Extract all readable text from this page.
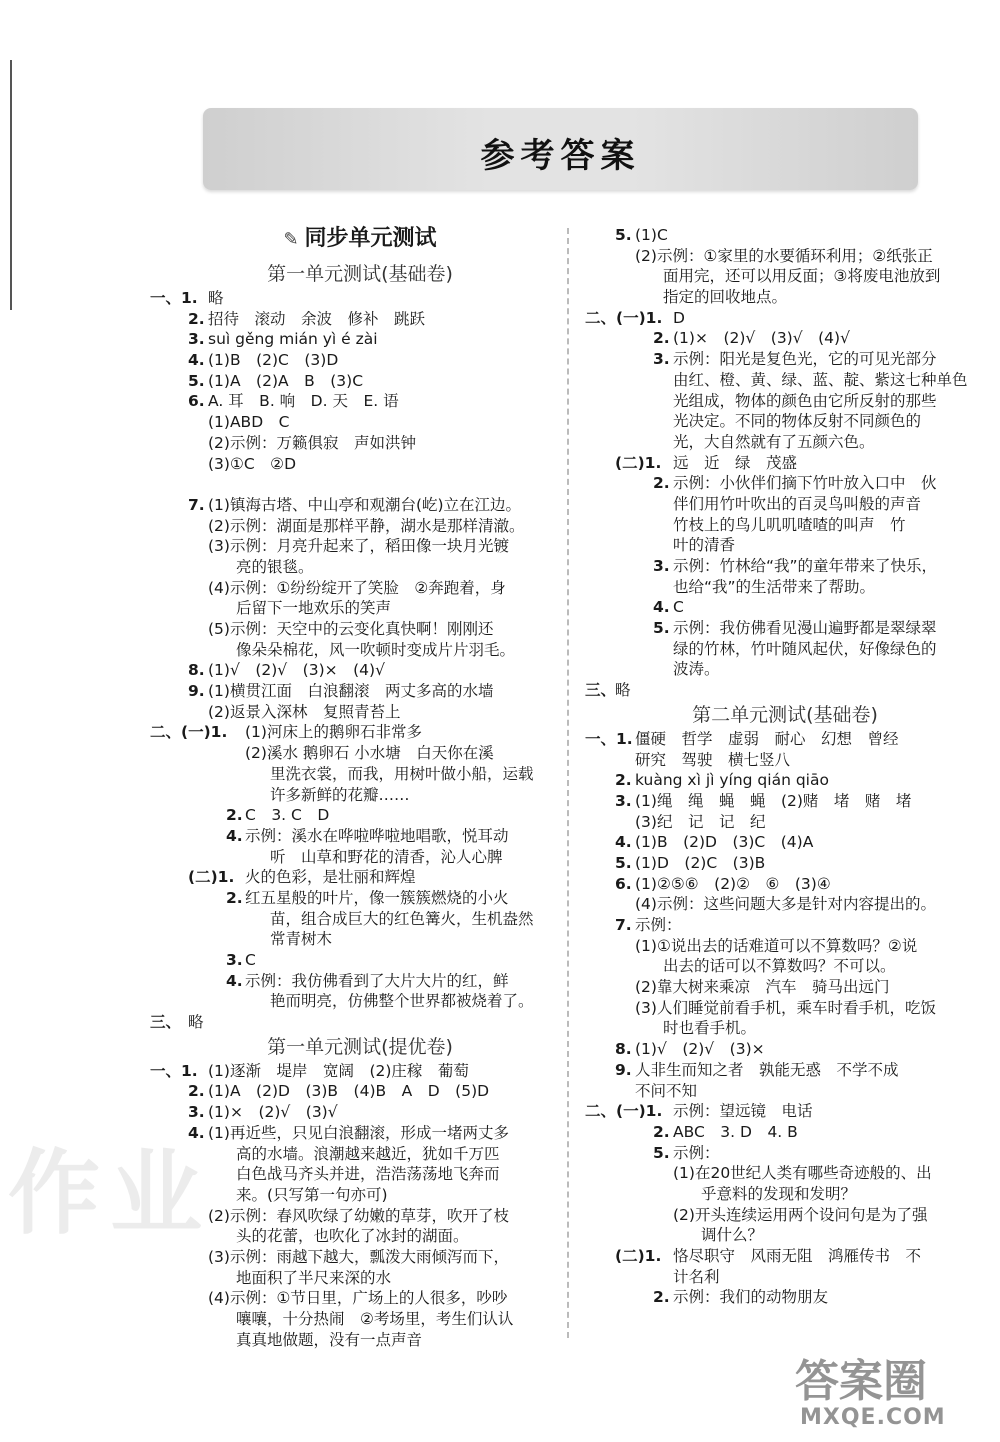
参考答案
✎ 同步单元测试
第一单元测试(基础卷)
一、1. 略
2. 招待　滚动　余波　修补　跳跃
3. suì gěng mián yì é zài
4. (1)B　(2)C　(3)D
5. (1)A　(2)A　B　(3)C
6. A. 耳　B. 响　D. 天　E. 语
(1)ABD　C
(2)示例：万籁俱寂　声如洪钟
(3)①C　②D
7. (1)镇海古塔、中山亭和观潮台(屹)立在江边。
(2)示例：湖面是那样平静，湖水是那样清澈。
(3)示例：月亮升起来了，稻田像一块月光镀
亮的银毯。
(4)示例：①纷纷绽开了笑脸　②奔跑着，身
后留下一地欢乐的笑声
(5)示例：天空中的云变化真快啊！刚刚还
像朵朵棉花，风一吹顿时变成片片羽毛。
8. (1)√　(2)√　(3)×　(4)√
9. (1)横贯江面　白浪翻滚　两丈多高的水墙
(2)返景入深林　复照青苔上
二、(一)1. (1)河床上的鹅卵石非常多
(2)溪水 鹅卵石 小水塘　白天你在溪
里洗衣裳，而我，用树叶做小船，运载
许多新鲜的花瓣……
2. C　3. C　D
4. 示例：溪水在哗啦哗啦地唱歌，悦耳动
听　山草和野花的清香，沁人心脾
(二)1. 火的色彩，是壮丽和辉煌
2. 红五星般的叶片，像一簇簇燃烧的小火
苗，组合成巨大的红色篝火，生机盎然
常青树木
3. C
4. 示例：我仿佛看到了大片大片的红，鲜
艳而明亮，仿佛整个世界都被烧着了。
三、 略
第一单元测试(提优卷)
一、1. (1)逐渐　堤岸　宽阔　(2)庄稼　葡萄
2. (1)A　(2)D　(3)B　(4)B　A　D　(5)D
3. (1)×　(2)√　(3)√
4. (1)再近些，只见白浪翻滚，形成一堵两丈多
高的水墙。浪潮越来越近，犹如千万匹
白色战马齐头并进，浩浩荡荡地飞奔而
来。(只写第一句亦可)
(2)示例：春风吹绿了幼嫩的草芽，吹开了枝
头的花蕾，也吹化了冰封的湖面。
(3)示例：雨越下越大，瓢泼大雨倾泻而下，
地面积了半尺来深的水
(4)示例：①节日里，广场上的人很多，吵吵
嚷嚷，十分热闹　②考场里，考生们认认
真真地做题，没有一点声音
5. (1)C
(2)示例：①家里的水要循环利用；②纸张正
面用完，还可以用反面；③将废电池放到
指定的回收地点。
二、(一)1. D
2. (1)×　(2)√　(3)√　(4)√
3. 示例：阳光是复色光，它的可见光部分
由红、橙、黄、绿、蓝、靛、紫这七种单色
光组成，物体的颜色由它所反射的那些
光决定。不同的物体反射不同颜色的
光，大自然就有了五颜六色。
(二)1. 远　近　绿　茂盛
2. 示例：小伙伴们摘下竹叶放入口中　伙
伴们用竹叶吹出的百灵鸟叫般的声音
竹枝上的鸟儿叽叽喳喳的叫声　竹
叶的清香
3. 示例：竹林给“我”的童年带来了快乐，
也给“我”的生活带来了帮助。
4. C
5. 示例：我仿佛看见漫山遍野都是翠绿翠
绿的竹林，竹叶随风起伏，好像绿色的
波涛。
三、
略
第二单元测试(基础卷)
一、1. 僵硬　哲学　虚弱　耐心　幻想　曾经
研究　驾驶　横七竖八
2. kuàng xì jì yíng qián qiāo
3. (1)绳　绳　蝇　蝇　(2)赌　堵　赌　堵
(3)纪　记　记　纪
4. (1)B　(2)D　(3)C　(4)A
5. (1)D　(2)C　(3)B
6. (1)②⑤⑥　(2)②　⑥　(3)④
(4)示例：这些问题大多是针对内容提出的。
7. 示例：
(1)①说出去的话难道可以不算数吗？②说
出去的话可以不算数吗？不可以。
(2)靠大树来乘凉　汽车　骑马出远门
(3)人们睡觉前看手机，乘车时看手机，吃饭
时也看手机。
8. (1)√　(2)√　(3)×
9. 人非生而知之者　孰能无惑　不学不成
不问不知
二、(一)1. 示例：望远镜　电话
2. ABC　3. D　4. B
5. 示例：
(1)在20世纪人类有哪些奇迹般的、出
乎意料的发现和发明？
(2)开头连续运用两个设问句是为了强
调什么？
(二)1. 恪尽职守　风雨无阻　鸿雁传书　不
计名利
2. 示例：我们的动物朋友
作业
答案圈
MXQE.COM
